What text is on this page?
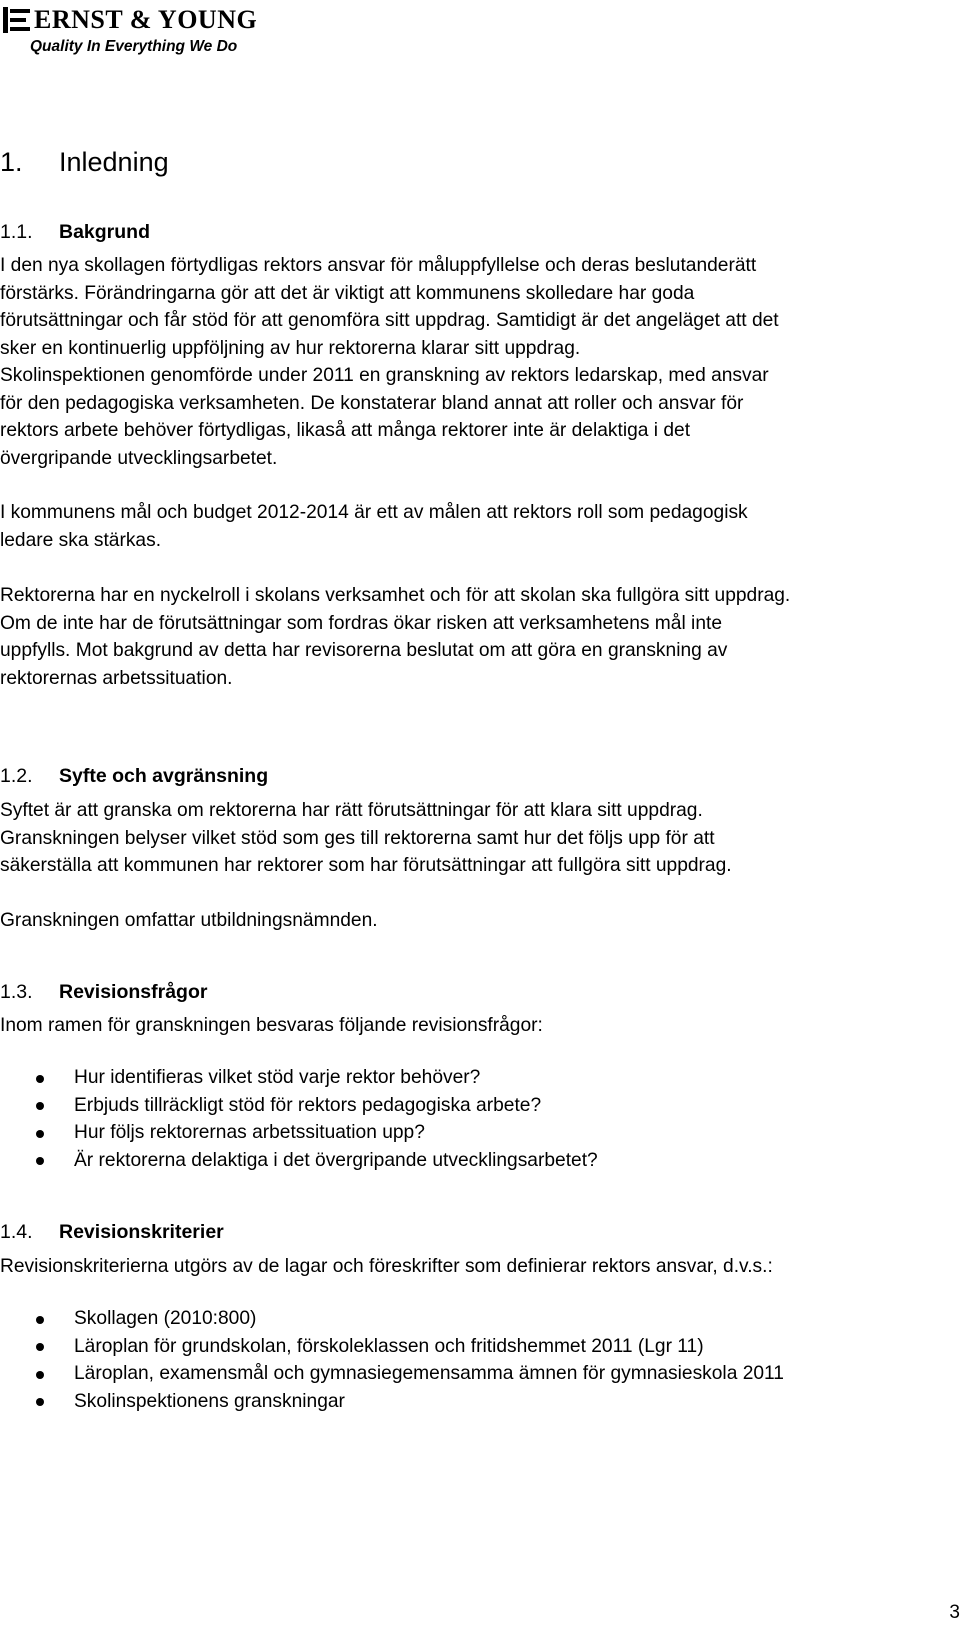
ERNST & YOUNG
Quality In Everything We Do
1. Inledning
1.1. Bakgrund

I den nya skollagen förtydligas rektors ansvar för måluppfyllelse och deras beslutanderätt
förstärks. Förändringarna gör att det är viktigt att kommunens skolledare har goda
förutsättningar och får stöd för att genomföra sitt uppdrag. Samtidigt är det angeläget att det
sker en kontinuerlig uppföljning av hur rektorerna klarar sitt uppdrag.

Skolinspektionen genomförde under 2011 en granskning av rektors ledarskap, med ansvar
för den pedagogiska verksamheten. De konstaterar bland annat att roller och ansvar för
rektors arbete behöver förtydligas, likaså att många rektorer inte är delaktiga i det
övergripande utvecklingsarbetet.

I kommunens mål och budget 2012-2014 är ett av målen att rektors roll som pedagogisk
ledare ska stärkas.

Rektorerna har en nyckelroll i skolans verksamhet och för att skolan ska fullgöra sitt uppdrag.
Om de inte har de förutsättningar som fordras ökar risken att verksamhetens mål inte
uppfylls. Mot bakgrund av detta har revisorerna beslutat om att göra en granskning av
rektorernas arbetssituation.

1.2. Syfte och avgränsning

Syftet är att granska om rektorerna har rätt förutsättningar för att klara sitt uppdrag.
Granskningen belyser vilket stöd som ges till rektorerna samt hur det följs upp för att
säkerställa att kommunen har rektorer som har förutsättningar att fullgöra sitt uppdrag.

Granskningen omfattar utbildningsnämnden.

1.3. Revisionsfrågor

Inom ramen för granskningen besvaras följande revisionsfrågor:

Hur identifieras vilket stöd varje rektor behöver?
Erbjuds tillräckligt stöd för rektors pedagogiska arbete?
Hur följs rektorernas arbetssituation upp?
Är rektorerna delaktiga i det övergripande utvecklingsarbetet?
1.4. Revisionskriterier

Revisionskriterierna utgörs av de lagar och föreskrifter som definierar rektors ansvar, d.v.s.:

Skollagen (2010:800)
Läroplan för grundskolan, förskoleklassen och fritidshemmet 2011 (Lgr 11)
Läroplan, examensmål och gymnasiegemensamma ämnen för gymnasieskola 2011
Skolinspektionens granskningar
3
